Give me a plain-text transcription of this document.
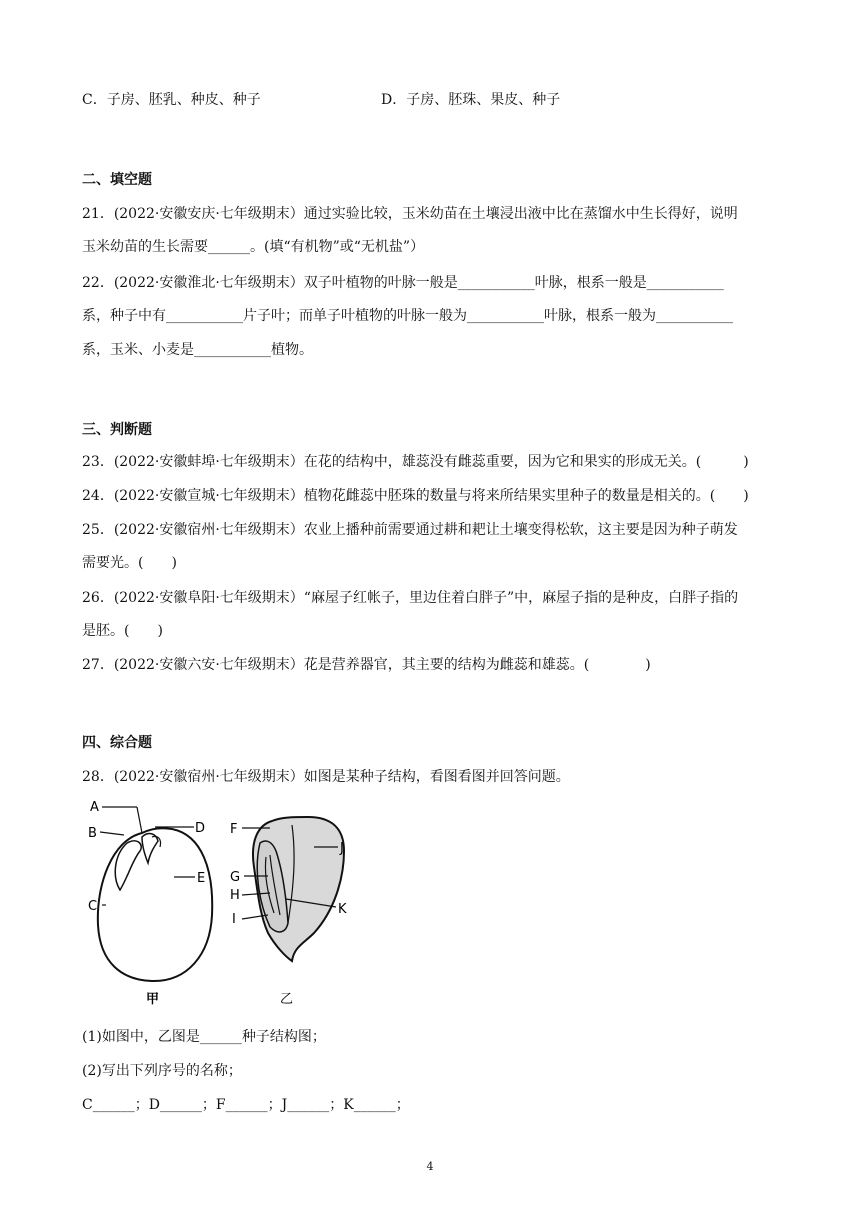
C．子房、胚乳、种皮、种子	D．子房、胚珠、果皮、种子
二、填空题
21．(2022·安徽安庆·七年级期末）通过实验比较，玉米幼苗在土壤浸出液中比在蒸馏水中生长得好，说明
玉米幼苗的生长需要______。(填“有机物”或“无机盐”）
22．(2022·安徽淮北·七年级期末）双子叶植物的叶脉一般是___________叶脉，根系一般是___________
系，种子中有___________片子叶；而单子叶植物的叶脉一般为___________叶脉，根系一般为___________
系，玉米、小麦是___________植物。
三、判断题
23．(2022·安徽蚌埠·七年级期末）在花的结构中，雄蕊没有雌蕊重要，因为它和果实的形成无关。(　　　)
24．(2022·安徽宣城·七年级期末）植物花雌蕊中胚珠的数量与将来所结果实里种子的数量是相关的。(　　)
25．(2022·安徽宿州·七年级期末）农业上播种前需要通过耕和耙让土壤变得松软，这主要是因为种子萌发
需要光。(　　)
26．(2022·安徽阜阳·七年级期末）“麻屋子红帐子，里边住着白胖子”中，麻屋子指的是种皮，白胖子指的
是胚。(　　)
27．(2022·安徽六安·七年级期末）花是营养器官，其主要的结构为雌蕊和雄蕊。(　　　　)
四、综合题
28．(2022·安徽宿州·七年级期末）如图是某种子结构，看图看图并回答问题。
A
B
C
D
E
F
G
H
I
J
K
甲	乙
(1)如图中，乙图是______种子结构图；
(2)写出下列序号的名称；
C______；D______；F______；J______；K______；
4
